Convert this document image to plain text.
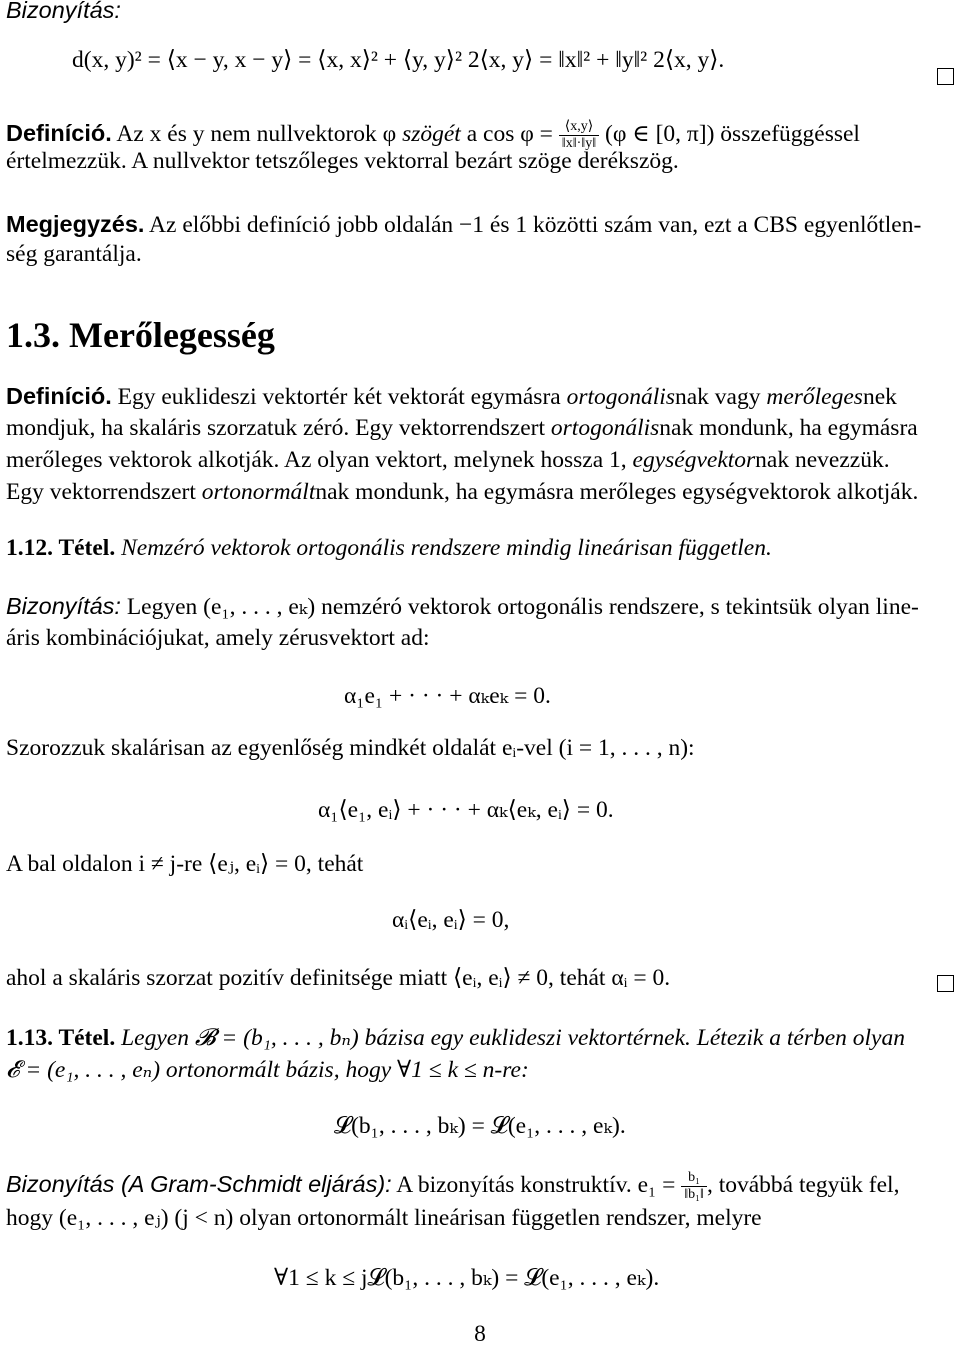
Bizonyítás:
d(x, y)² = ⟨x − y, x − y⟩ = ⟨x, x⟩² + ⟨y, y⟩² 2⟨x, y⟩ = ‖x‖² + ‖y‖² 2⟨x, y⟩.
Definíció. Az x és y nem nullvektorok φ szögét a $\cos \varphi = \frac{⟨x,y⟩}{‖x‖\cdot‖y‖} (\varphi$ ∈ [0, π]) összefüggéssel
értelmezzük. A nullvektor tetszőleges vektorral bezárt szöge derékszög.
Megjegyzés. Az előbbi definíció jobb oldalán −1 és 1 közötti szám van, ezt a CBS egyenlőtlen-
ség garantálja.
1.3. Merőlegesség
Definíció. Egy euklideszi vektortér két vektorát egymásra ortogonálisnak vagy merőlegesnek
mondjuk, ha skaláris szorzatuk zéró. Egy vektorrendszert ortogonálisnak mondunk, ha egymásra
merőleges vektorok alkotják. Az olyan vektort, melynek hossza 1, egységvektornak nevezzük.
Egy vektorrendszert ortonormáltnak mondunk, ha egymásra merőleges egységvektorok alkotják.
1.12. Tétel. Nemzéró vektorok ortogonális rendszere mindig lineárisan független.
Bizonyítás: Legyen (e₁, . . . , eₖ) nemzéró vektorok ortogonális rendszere, s tekintsük olyan line-
áris kombinációjukat, amely zérusvektort ad:
α₁e₁ + · · · + αₖeₖ = 0.
Szorozzuk skalárisan az egyenlőség mindkét oldalát eᵢ-vel (i = 1, . . . , n):
α₁⟨e₁, eᵢ⟩ + · · · + αₖ⟨eₖ, eᵢ⟩ = 0.
A bal oldalon i ≠ j-re ⟨eⱼ, eᵢ⟩ = 0, tehát
αᵢ⟨eᵢ, eᵢ⟩ = 0,
ahol a skaláris szorzat pozitív definitsége miatt ⟨eᵢ, eᵢ⟩ ≠ 0, tehát αᵢ = 0.
1.13. Tétel. Legyen 𝓑 = (b₁, . . . , bₙ) bázisa egy euklideszi vektortérnek. Létezik a térben olyan
𝓔 = (e₁, . . . , eₙ) ortonormált bázis, hogy ∀1 ≤ k ≤ n-re:
𝓛(b₁, . . . , bₖ) = 𝓛(e₁, . . . , eₖ).
Bizonyítás (A Gram-Schmidt eljárás): A bizonyítás konstruktív. $e_1 = \frac{\text{b₁}}{\text{‖b₁‖}}$ , továbbá tegyük fel,
hogy (e₁, . . . , eⱼ) (j < n) olyan ortonormált lineárisan független rendszer, melyre
∀1 ≤ k ≤ j𝓛(b₁, . . . , bₖ) = 𝓛(e₁, . . . , eₖ).
8
